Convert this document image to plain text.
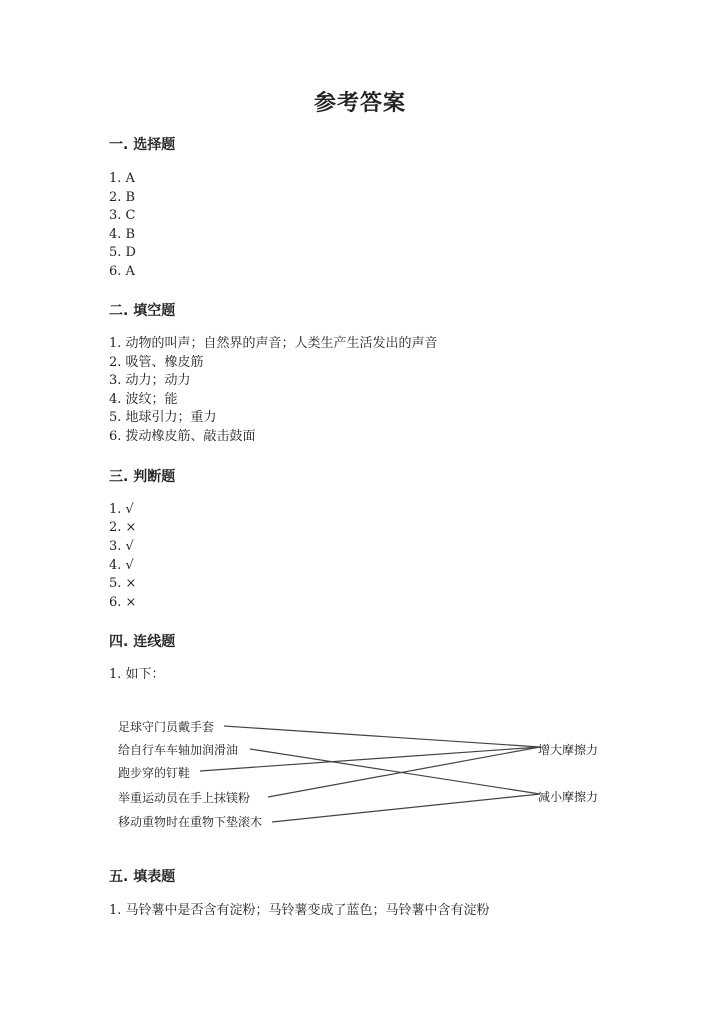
参考答案
一. 选择题
1. A
2. B
3. C
4. B
5. D
6. A
二. 填空题
1. 动物的叫声；自然界的声音；人类生产生活发出的声音
2. 吸管、橡皮筋
3. 动力；动力
4. 波纹；能
5. 地球引力；重力
6. 拨动橡皮筋、敲击鼓面
三. 判断题
1. √
2. ×
3. √
4. √
5. ×
6. ×
四. 连线题
1. 如下：
足球守门员戴手套
给自行车车轴加润滑油
跑步穿的钉鞋
举重运动员在手上抹镁粉
移动重物时在重物下垫滚木
增大摩擦力
减小摩擦力
五. 填表题
1. 马铃薯中是否含有淀粉；马铃薯变成了蓝色；马铃薯中含有淀粉
